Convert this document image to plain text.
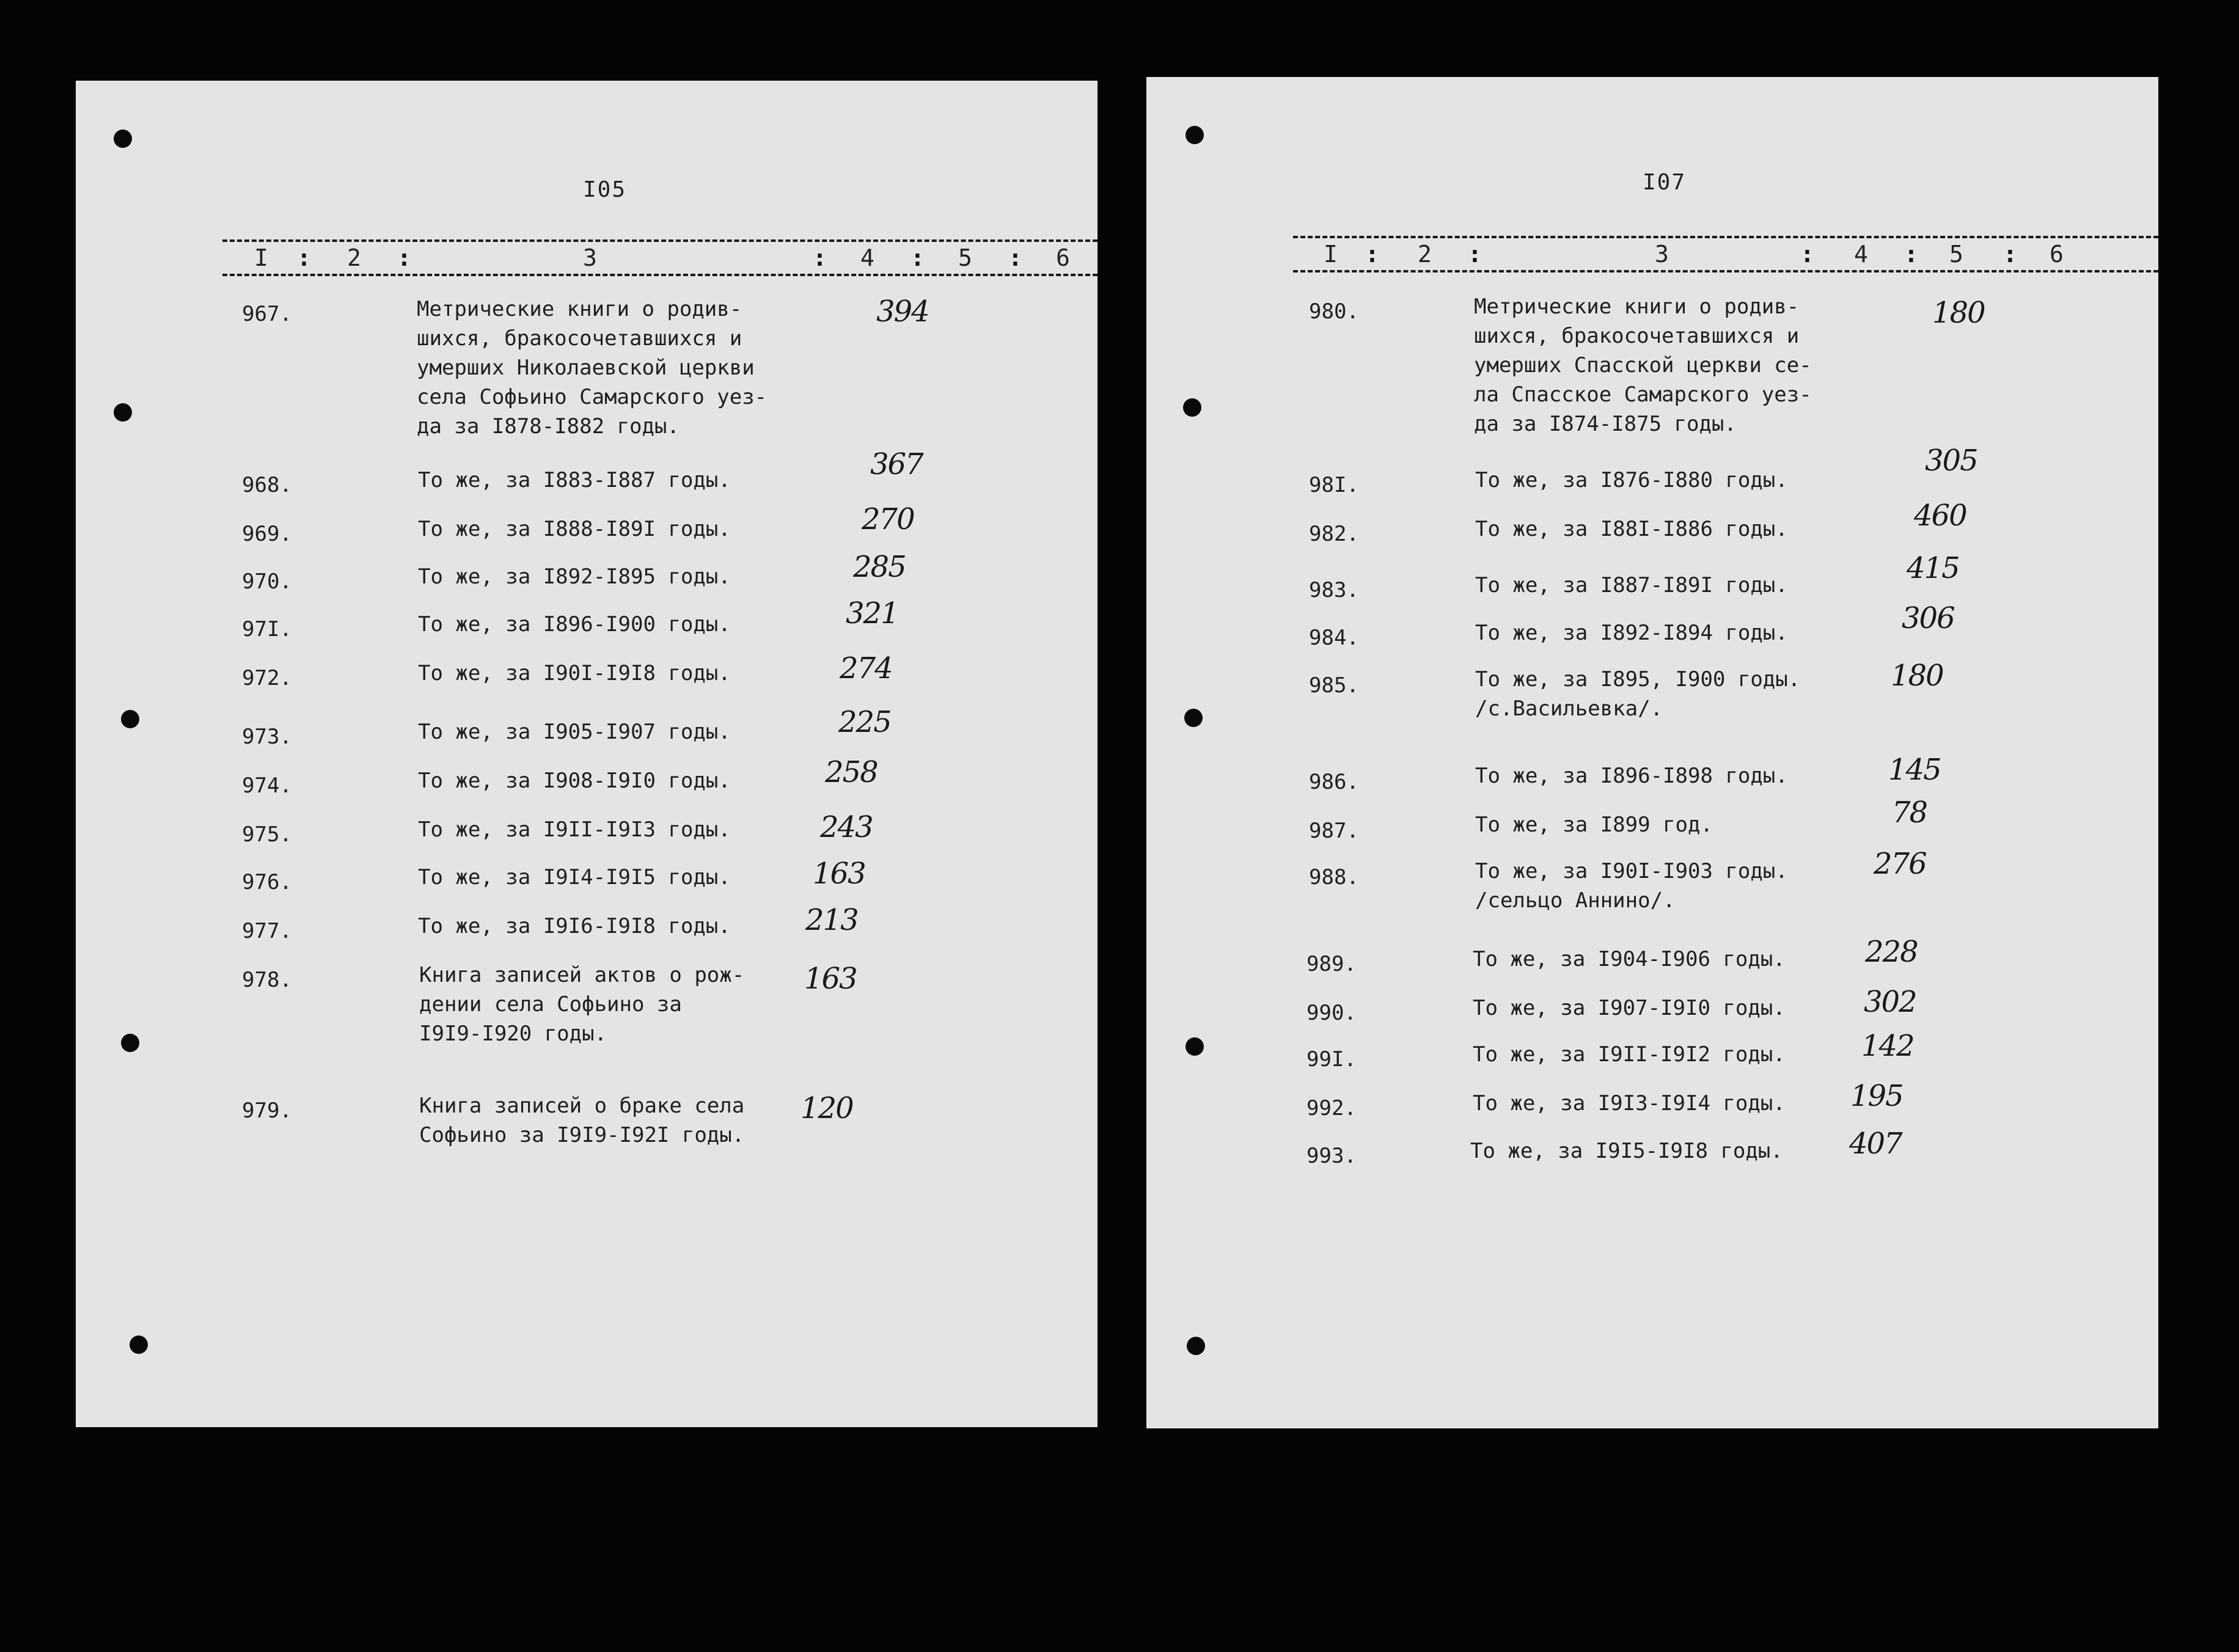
I05
I : 2 :	3	: 4 : 5 : 6
967.	Метрические книги о родив-
шихся, бракосочетавшихся и
умерших Николаевской церкви
села Софьино Самарского уез-
да за I878-I882 годы.
394
968.	То же, за I883-I887 годы.	367
969.	То же, за I888-I89I годы.	270
970.	То же, за I892-I895 годы.	285
97I.	То же, за I896-I900 годы.	321
972.	То же, за I90I-I9I8 годы.	274
973.	То же, за I905-I907 годы.	225
974.	То же, за I908-I9I0 годы.	258
975.	То же, за I9II-I9I3 годы.	243
976.	То же, за I9I4-I9I5 годы.	163
977.	То же, за I9I6-I9I8 годы.	213
978.	Книга записей актов о рож-
дении села Софьино за
I9I9-I920 годы.
163
979.	Книга записей о браке села
Софьино за I9I9-I92I годы.
120
I07
I : 2 :	3	: 4 : 5 : 6
980.	Метрические книги о родив-
шихся, бракосочетавшихся и
умерших Спасской церкви се-
ла Спасское Самарского уез-
да за I874-I875 годы.
180
98I.	То же, за I876-I880 годы.
305
982.	То же, за I88I-I886 годы.	460
983.	То же, за I887-I89I годы.	415
984.	То же, за I892-I894 годы.	306
985.	То же, за I895, I900 годы.
/с.Васильевка/.
180
986.	То же, за I896-I898 годы.	145
987.	То же, за I899 год.	78
988.	То же, за I90I-I903 годы.
/сельцо Аннино/.
276
989.	То же, за I904-I906 годы.	228
990.	То же, за I907-I9I0 годы.	302
99I.	То же, за I9II-I9I2 годы.	142
992.	То же, за I9I3-I9I4 годы. 195
993.	То же, за I9I5-I9I8 годы. 407
